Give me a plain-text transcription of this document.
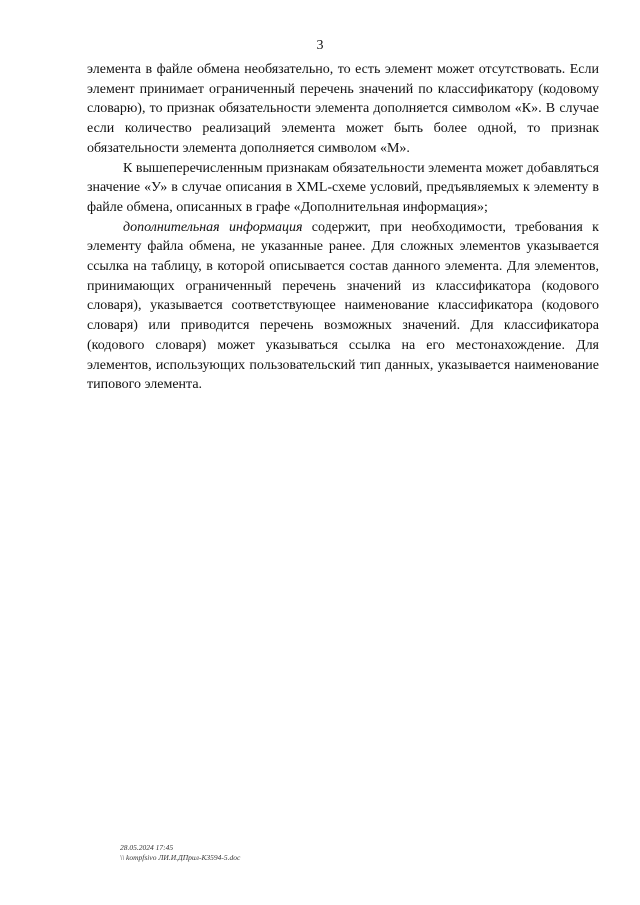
3

элемента в файле обмена необязательно, то есть элемент может отсутствовать. Если элемент принимает ограниченный перечень значений по классификатору (кодовому словарю), то признак обязательности элемента дополняется символом «К». В случае если количество реализаций элемента может быть более одной, то признак обязательности элемента дополняется символом «М».

К вышеперечисленным признакам обязательности элемента может добавляться значение «У» в случае описания в XML-схеме условий, предъявляемых к элементу в файле обмена, описанных в графе «Дополнительная информация»;

дополнительная информация содержит, при необходимости, требования к элементу файла обмена, не указанные ранее. Для сложных элементов указывается ссылка на таблицу, в которой описывается состав данного элемента. Для элементов, принимающих ограниченный перечень значений из классификатора (кодового словаря), указывается соответствующее наименование классификатора (кодового словаря) или приводится перечень возможных значений. Для классификатора (кодового словаря) может указываться ссылка на его местонахождение. Для элементов, использующих пользовательский тип данных, указывается наименование типового элемента.

28.05.2024 17:45
\\ kompfsivo ЛИ.И.ДПрил-КЗ594-5.doc
